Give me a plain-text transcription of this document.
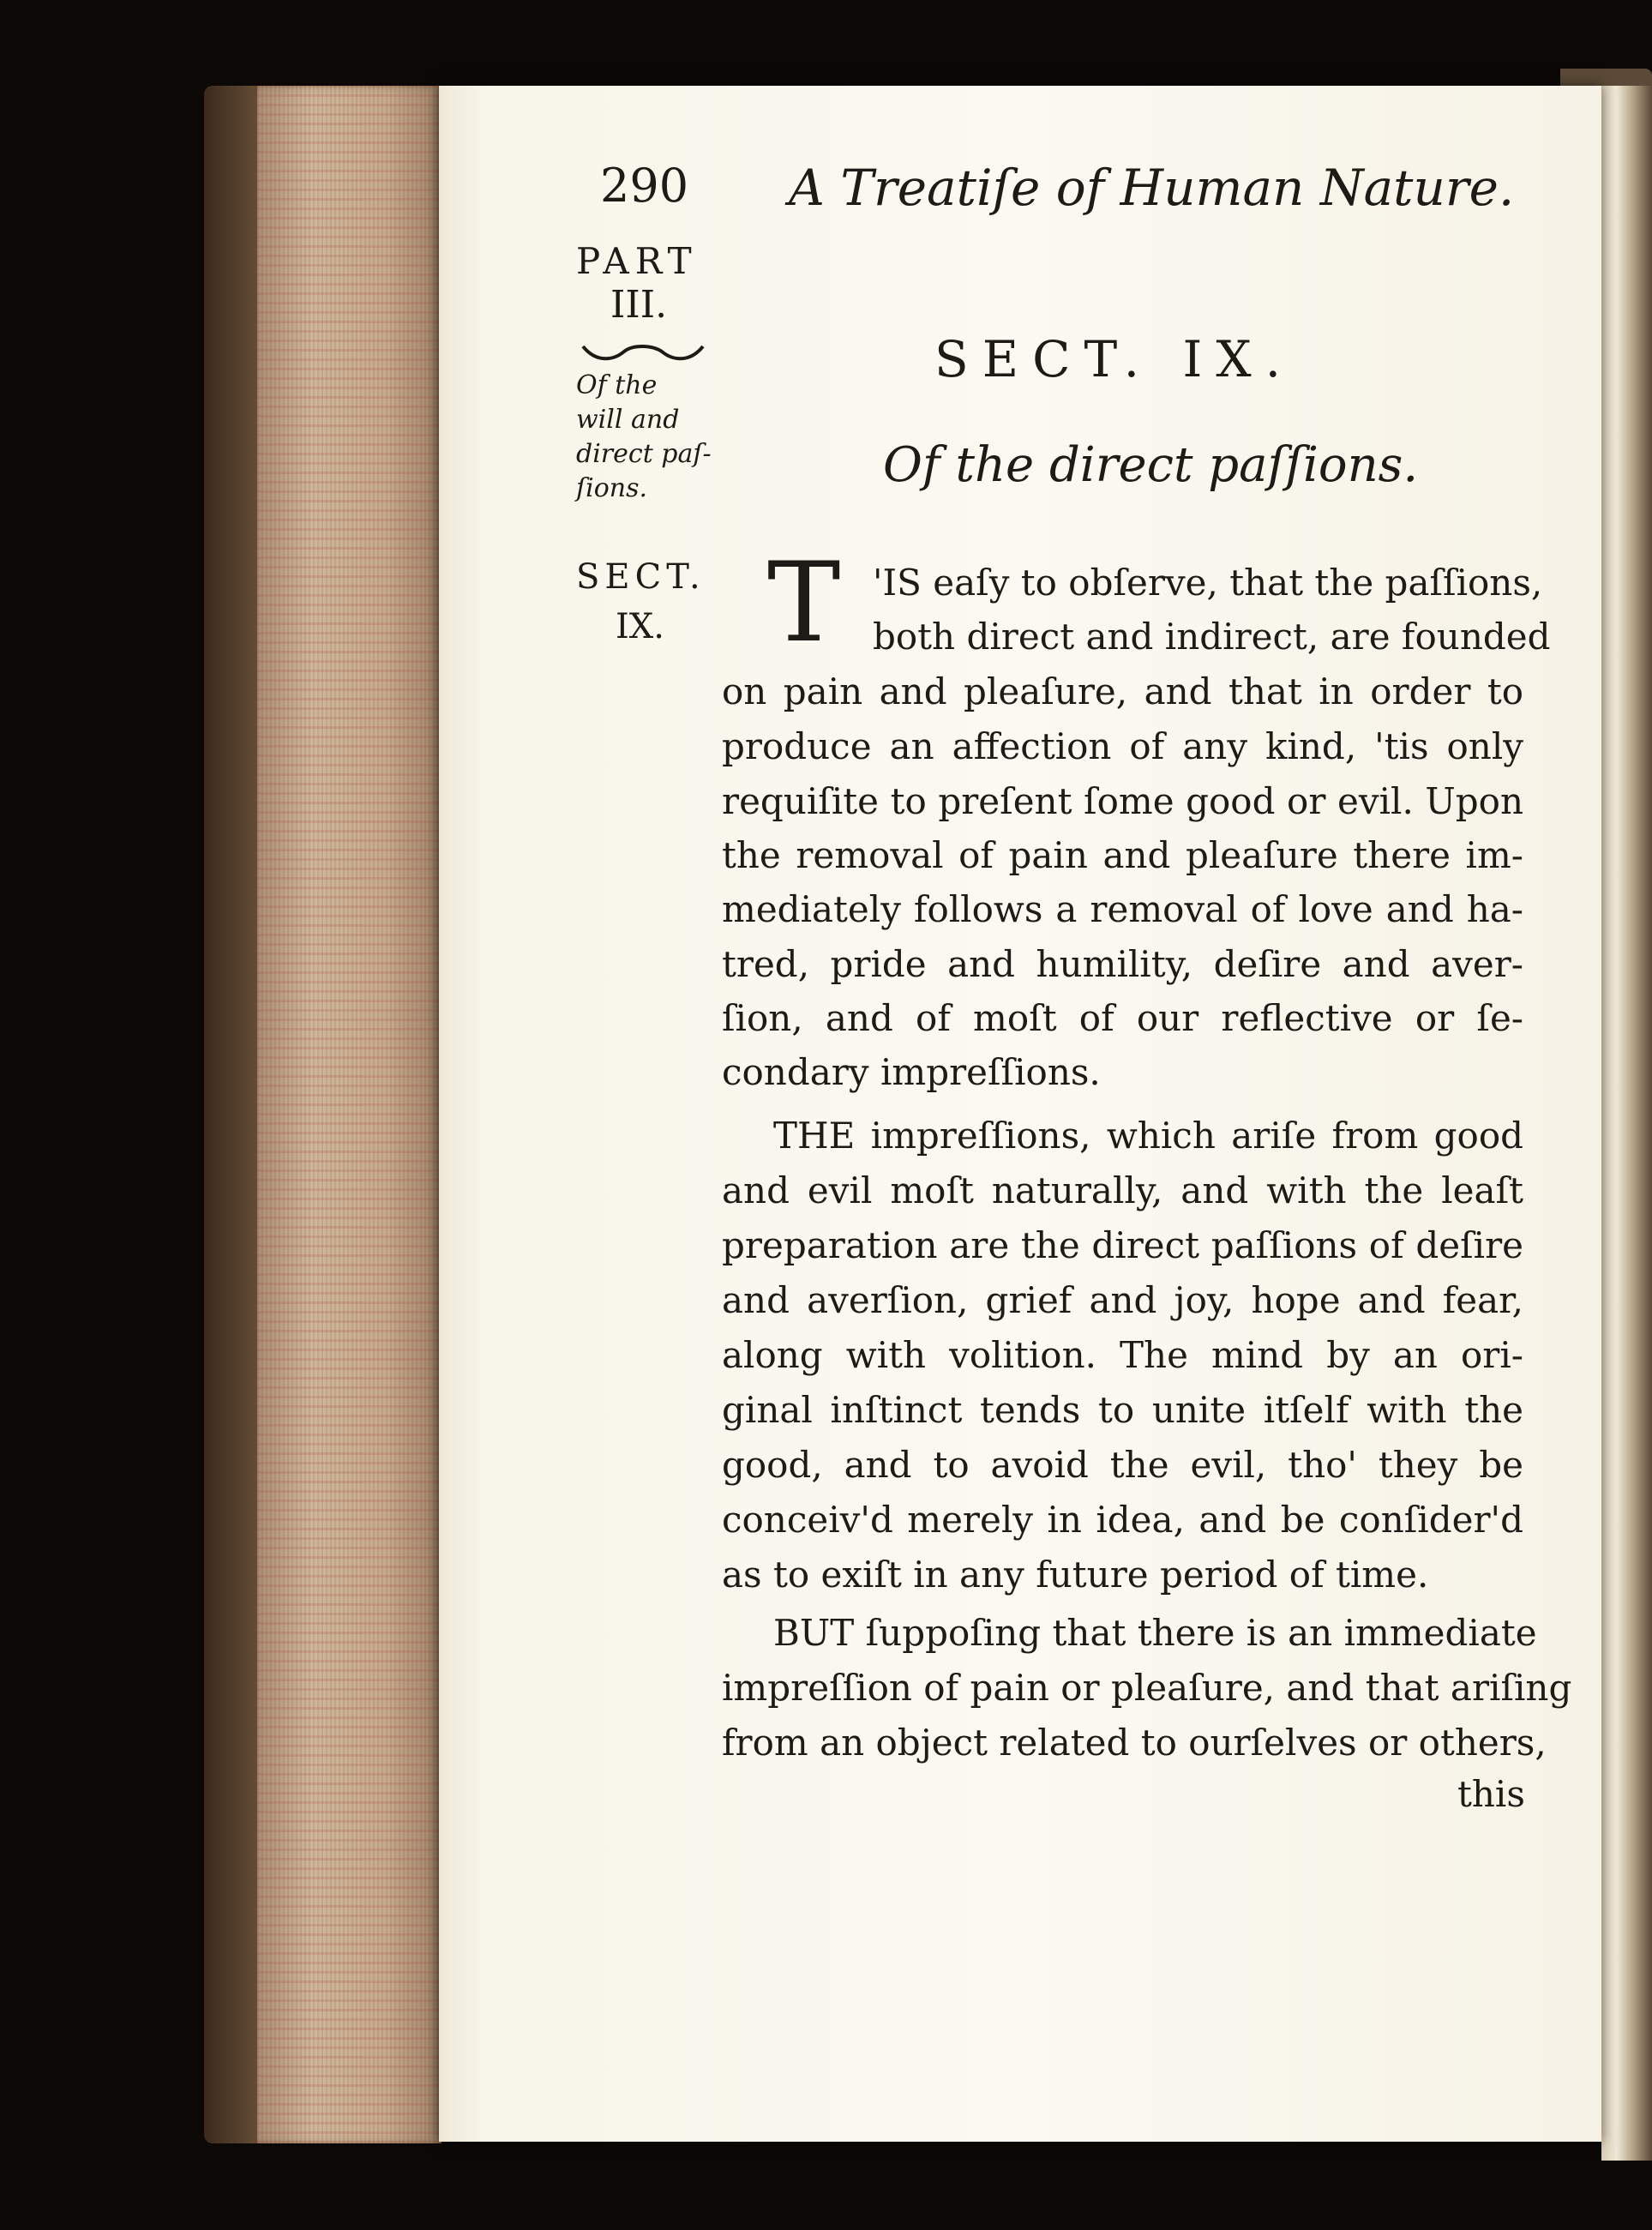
290 A Treatiſe of Human Nature.
PART
III.
Of the
will and
direct paſ-
ſions.
SECT. IX.
Of the direct paſſions.
SECT.
IX. T 'IS eaſy to obſerve, that the paſſions,
both direct and indirect, are founded
on pain and pleaſure, and that in order to
produce an affection of any kind, 'tis only
requiſite to preſent ſome good or evil. Upon
the removal of pain and pleaſure there im-
mediately follows a removal of love and ha-
tred, pride and humility, deſire and aver-
ſion, and of moſt of our reflective or ſe-
condary impreſſions.
THE impreſſions, which ariſe from good
and evil moſt naturally, and with the leaſt
preparation are the direct paſſions of deſire
and averſion, grief and joy, hope and fear,
along with volition. The mind by an ori-
ginal inſtinct tends to unite itſelf with the
good, and to avoid the evil, tho' they be
conceiv'd merely in idea, and be conſider'd
as to exiſt in any future period of time.
BUT ſuppoſing that there is an immediate
impreſſion of pain or pleaſure, and that ariſing
from an object related to ourſelves or others,
this
